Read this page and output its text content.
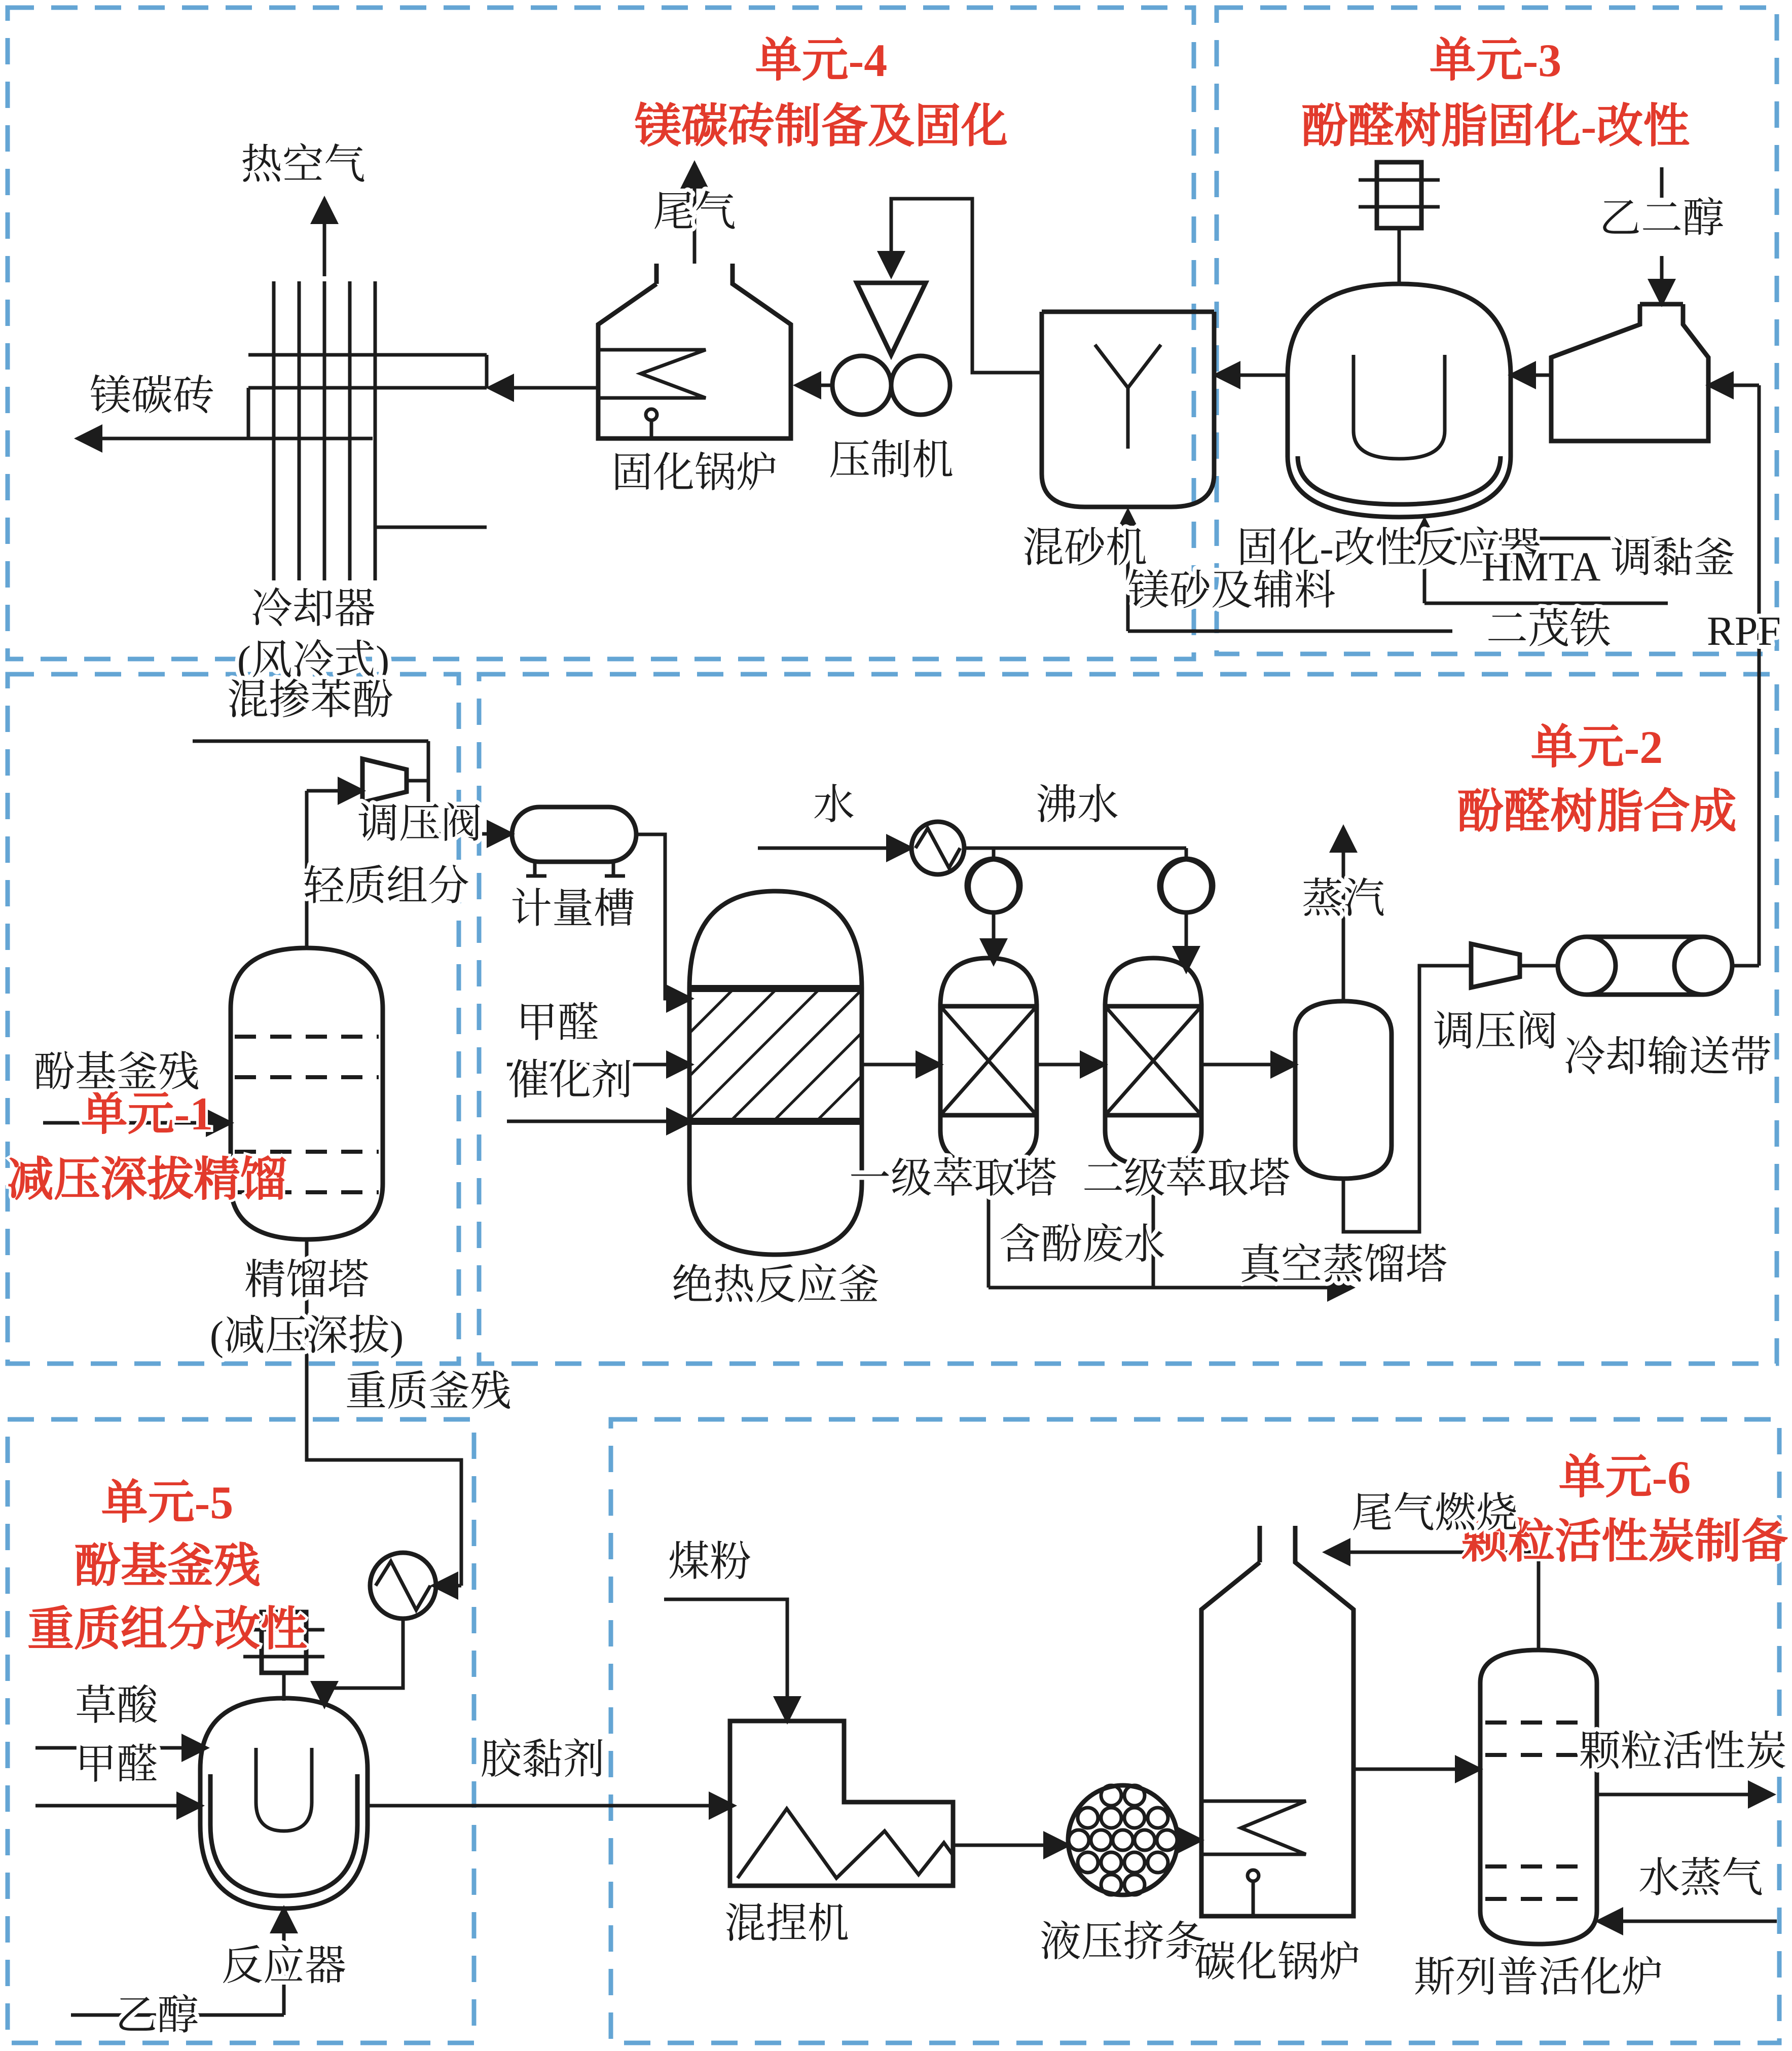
单元-4
镁碳砖制备及固化
单元-3
酚醛树脂固化-改性
单元-2
酚醛树脂合成
单元-1
减压深拔精馏
单元-5
酚基釜残
重质组分改性
单元-6
颗粒活性炭制备
热空气
镁碳砖
冷却器
(风冷式)
尾气
固化锅炉 压制机
混砂机
镁砂及辅料
乙二醇
固化-改性反应器 调黏釜
HMTA
二茂铁 RPF
混掺苯酚
调压阀
轻质组分
酚基釜残
精馏塔
(减压深拔)
重质釜残
计量槽
水	沸水
甲醛
催化剂
绝热反应釜
一级萃取塔 二级萃取塔
含酚废水
蒸汽
真空蒸馏塔
调压阀
冷却输送带
草酸
甲醛	胶黏剂
反应器
乙醇
煤粉
混捏机	液压挤条
碳化锅炉 斯列普活化炉
尾气燃烧
颗粒活性炭
水蒸气
